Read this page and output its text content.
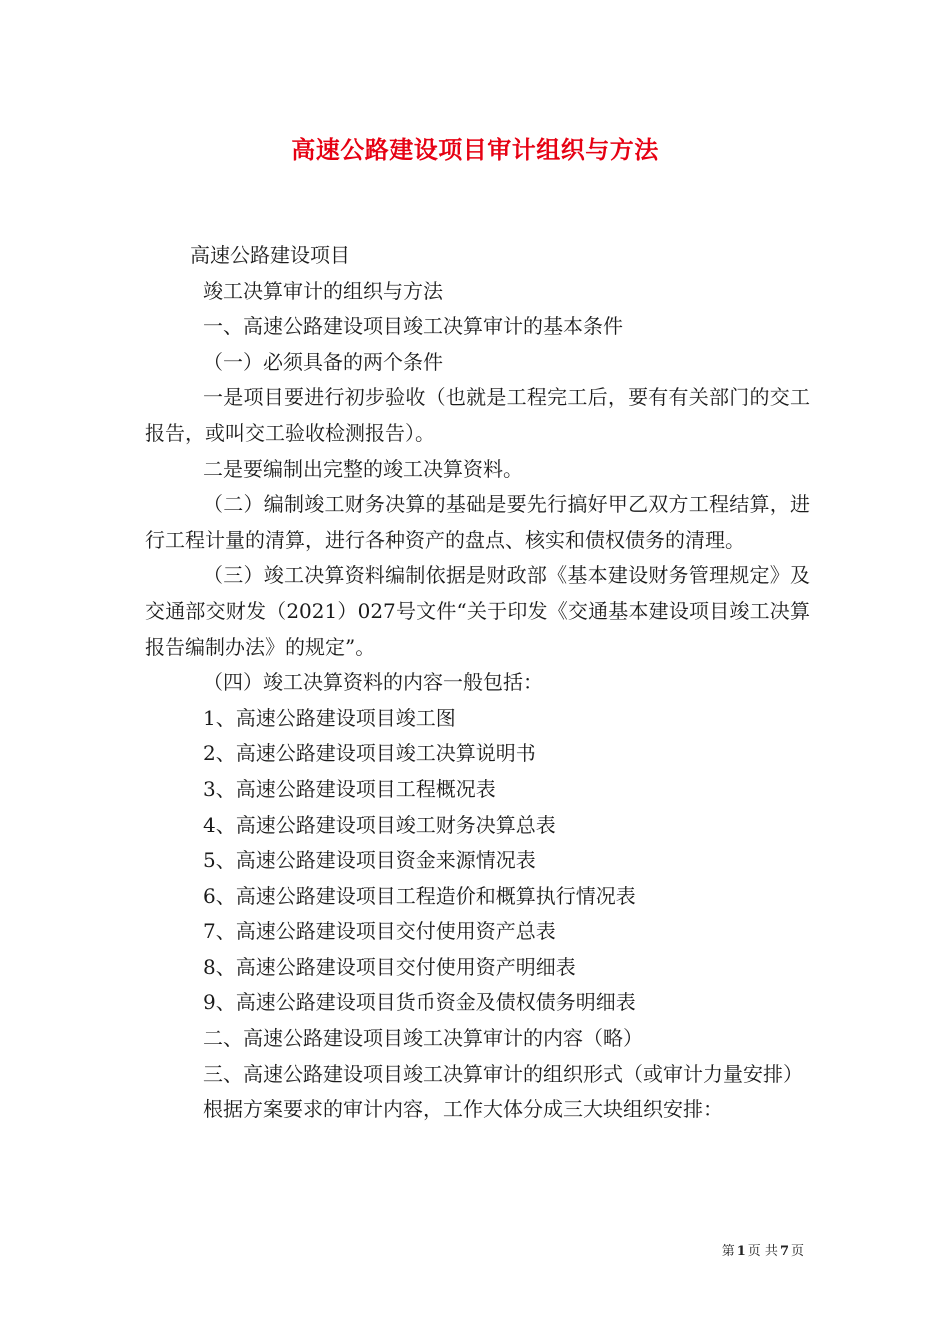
高速公路建设项目审计组织与方法

高速公路建设项目

竣工决算审计的组织与方法

一、高速公路建设项目竣工决算审计的基本条件

（一）必须具备的两个条件

一是项目要进行初步验收（也就是工程完工后，要有有关部门的交工报告，或叫交工验收检测报告）。

二是要编制出完整的竣工决算资料。

（二）编制竣工财务决算的基础是要先行搞好甲乙双方工程结算，进行工程计量的清算，进行各种资产的盘点、核实和债权债务的清理。

（三）竣工决算资料编制依据是财政部《基本建设财务管理规定》及交通部交财发（2021）027号文件“关于印发《交通基本建设项目竣工决算报告编制办法》的规定”。

（四）竣工决算资料的内容一般包括：

1、高速公路建设项目竣工图

2、高速公路建设项目竣工决算说明书

3、高速公路建设项目工程概况表

4、高速公路建设项目竣工财务决算总表

5、高速公路建设项目资金来源情况表

6、高速公路建设项目工程造价和概算执行情况表

7、高速公路建设项目交付使用资产总表

8、高速公路建设项目交付使用资产明细表

9、高速公路建设项目货币资金及债权债务明细表

二、高速公路建设项目竣工决算审计的内容（略）

三、高速公路建设项目竣工决算审计的组织形式（或审计力量安排）

根据方案要求的审计内容，工作大体分成三大块组织安排：

第 1 页 共 7 页
